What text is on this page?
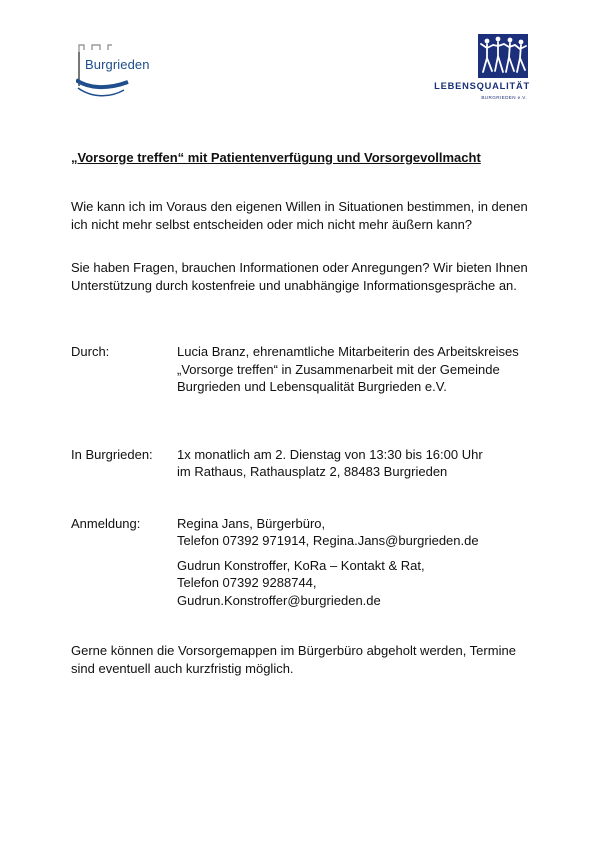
Burgrieden
LEBENSQUALITÄT
BURGRIEDEN e.V.
„Vorsorge treffen“ mit Patientenverfügung und Vorsorgevollmacht

Wie kann ich im Voraus den eigenen Willen in Situationen bestimmen, in denen ich nicht mehr selbst entscheiden oder mich nicht mehr äußern kann?

Sie haben Fragen, brauchen Informationen oder Anregungen? Wir bieten Ihnen Unterstützung durch kostenfreie und unabhängige Informationsgespräche an.

Durch:	Lucia Branz, ehrenamtliche Mitarbeiterin des Arbeitskreises „Vorsorge treffen“ in Zusammenarbeit mit der Gemeinde Burgrieden und Lebensqualität Burgrieden e.V.

In Burgrieden: 1x monatlich am 2. Dienstag von 13:30 bis 16:00 Uhr
im Rathaus, Rathausplatz 2, 88483 Burgrieden
Anmeldung:	Regina Jans, Bürgerbüro,
Telefon 07392 971914, Regina.Jans@burgrieden.de
Gudrun Konstroffer, KoRa – Kontakt & Rat,
Telefon 07392 9288744,
Gudrun.Konstroffer@burgrieden.de

Gerne können die Vorsorgemappen im Bürgerbüro abgeholt werden, Termine sind eventuell auch kurzfristig möglich.
